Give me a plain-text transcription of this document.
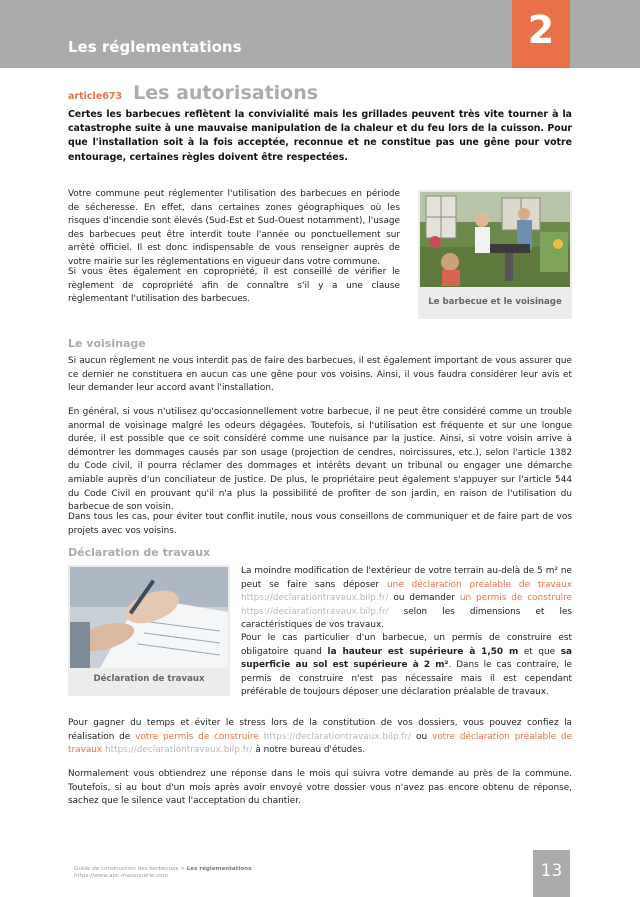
Les réglementations	2
article673 Les autorisations
Certes les barbecues reflètent la convivialité mais les grillades peuvent très vite tourner à la catastrophe suite à une mauvaise manipulation de la chaleur et du feu lors de la cuisson. Pour que l'installation soit à la fois acceptée, reconnue et ne constitue pas une gêne pour votre entourage, certaines règles doivent être respectées.

Votre commune peut réglementer l'utilisation des barbecues en période de sécheresse. En effet, dans certaines zones géographiques où les risques d'incendie sont élevés (Sud-Est et Sud-Ouest notamment), l'usage des barbecues peut être interdit toute l'année ou ponctuellement sur arrêté officiel. Il est donc indispensable de vous renseigner auprès de votre mairie sur les réglementations en vigueur dans votre commune.

Si vous êtes également en copropriété, il est conseillé de vérifier le règlement de copropriété afin de connaître s'il y a une clause règlementant l'utilisation des barbecues.	Le barbecue et le voisinage
Le voisinage

Si aucun règlement ne vous interdit pas de faire des barbecues, il est également important de vous assurer que ce dernier ne constituera en aucun cas une gêne pour vos voisins. Ainsi, il vous faudra considérer leur avis et leur demander leur accord avant l'installation.

En général, si vous n'utilisez qu'occasionnellement votre barbecue, il ne peut être considéré comme un trouble anormal de voisinage malgré les odeurs dégagées. Toutefois, si l'utilisation est fréquente et sur une longue durée, il est possible que ce soit considéré comme une nuisance par la justice. Ainsi, si votre voisin arrive à démontrer les dommages causés par son usage (projection de cendres, noircissures, etc.), selon l'article 1382 du Code civil, il pourra réclamer des dommages et intérêts devant un tribunal ou engager une démarche amiable auprès d'un conciliateur de justice. De plus, le propriétaire peut également s'appuyer sur l'article 544 du Code Civil en prouvant qu'il n'a plus la possibilité de profiter de son jardin, en raison de l'utilisation du barbecue de son voisin.

Dans tous les cas, pour éviter tout conflit inutile, nous vous conseillons de communiquer et de faire part de vos projets avec vos voisins.

Déclaration de travaux
Déclaration de travaux

La moindre modification de l'extérieur de votre terrain au-delà de 5 m² ne peut se faire sans déposer une déclaration préalable de travaux https://declarationtravaux.bilp.fr/ ou demander un permis de construire https://declarationtravaux.bilp.fr/ selon les dimensions et les caractéristiques de vos travaux.

Pour le cas particulier d'un barbecue, un permis de construire est obligatoire quand la hauteur est supérieure à 1,50 m et que sa superficie au sol est supérieure à 2 m². Dans le cas contraire, le permis de construire n'est pas nécessaire mais il est cependant préférable de toujours déposer une déclaration préalable de travaux.

Pour gagner du temps et éviter le stress lors de la constitution de vos dossiers, vous pouvez confiez la réalisation de votre permis de construire https://declarationtravaux.bilp.fr/ ou votre déclaration préalable de travaux https://declarationtravaux.bilp.fr/ à notre bureau d'études.

Normalement vous obtiendrez une réponse dans le mois qui suivra votre demande au près de la commune. Toutefois, si au bout d'un mois après avoir envoyé votre dossier vous n'avez pas encore obtenu de réponse, sachez que le silence vaut l'acceptation du chantier.

Guide de construction des barbecues > Les réglementations
https://www.abc-maconnerie.com	13
